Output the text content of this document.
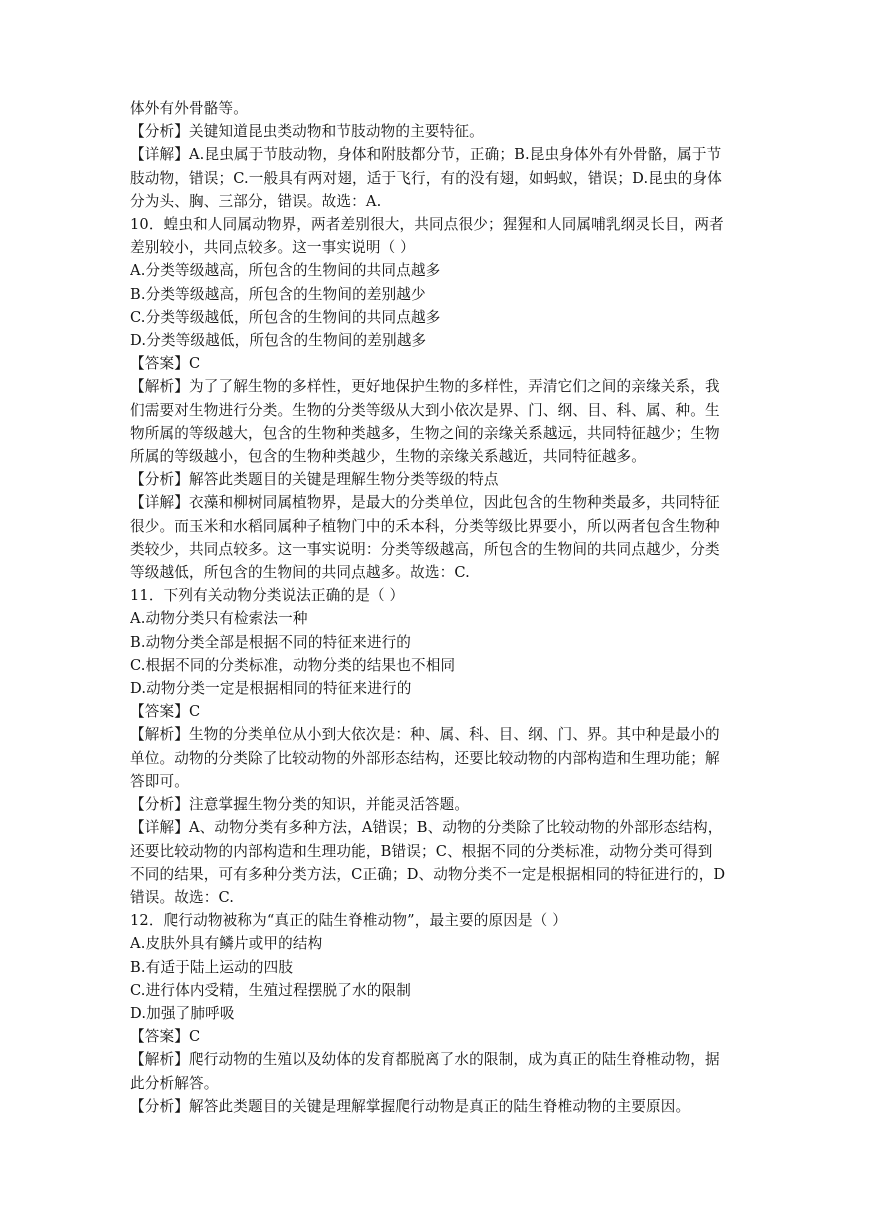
体外有外骨骼等。
【分析】关键知道昆虫类动物和节肢动物的主要特征。
【详解】A.昆虫属于节肢动物，身体和附肢都分节，正确；B.昆虫身体外有外骨骼，属于节
肢动物，错误；C.一般具有两对翅，适于飞行，有的没有翅，如蚂蚁，错误；D.昆虫的身体
分为头、胸、三部分，错误。故选：A.
10．蝗虫和人同属动物界，两者差别很大，共同点很少；猩猩和人同属哺乳纲灵长目，两者
差别较小，共同点较多。这一事实说明（ ）
A.分类等级越高，所包含的生物间的共同点越多
B.分类等级越高，所包含的生物间的差别越少
C.分类等级越低，所包含的生物间的共同点越多
D.分类等级越低，所包含的生物间的差别越多
【答案】C
【解析】为了了解生物的多样性，更好地保护生物的多样性，弄清它们之间的亲缘关系，我
们需要对生物进行分类。生物的分类等级从大到小依次是界、门、纲、目、科、属、种。生
物所属的等级越大，包含的生物种类越多，生物之间的亲缘关系越远，共同特征越少；生物
所属的等级越小，包含的生物种类越少，生物的亲缘关系越近，共同特征越多。
【分析】解答此类题目的关键是理解生物分类等级的特点
【详解】衣藻和柳树同属植物界，是最大的分类单位，因此包含的生物种类最多，共同特征
很少。而玉米和水稻同属种子植物门中的禾本科，分类等级比界要小，所以两者包含生物种
类较少，共同点较多。这一事实说明：分类等级越高，所包含的生物间的共同点越少，分类
等级越低，所包含的生物间的共同点越多。故选：C.
11．下列有关动物分类说法正确的是（ ）
A.动物分类只有检索法一种
B.动物分类全部是根据不同的特征来进行的
C.根据不同的分类标准，动物分类的结果也不相同
D.动物分类一定是根据相同的特征来进行的
【答案】C
【解析】生物的分类单位从小到大依次是：种、属、科、目、纲、门、界。其中种是最小的
单位。动物的分类除了比较动物的外部形态结构，还要比较动物的内部构造和生理功能；解
答即可。
【分析】注意掌握生物分类的知识，并能灵活答题。
【详解】A、动物分类有多种方法，A错误；B、动物的分类除了比较动物的外部形态结构，
还要比较动物的内部构造和生理功能，B错误；C、根据不同的分类标准，动物分类可得到
不同的结果，可有多种分类方法，C正确；D、动物分类不一定是根据相同的特征进行的，D
错误。故选：C.
12．爬行动物被称为“真正的陆生脊椎动物”，最主要的原因是（ ）
A.皮肤外具有鳞片或甲的结构
B.有适于陆上运动的四肢
C.进行体内受精，生殖过程摆脱了水的限制
D.加强了肺呼吸
【答案】C
【解析】爬行动物的生殖以及幼体的发育都脱离了水的限制，成为真正的陆生脊椎动物，据
此分析解答。
【分析】解答此类题目的关键是理解掌握爬行动物是真正的陆生脊椎动物的主要原因。
